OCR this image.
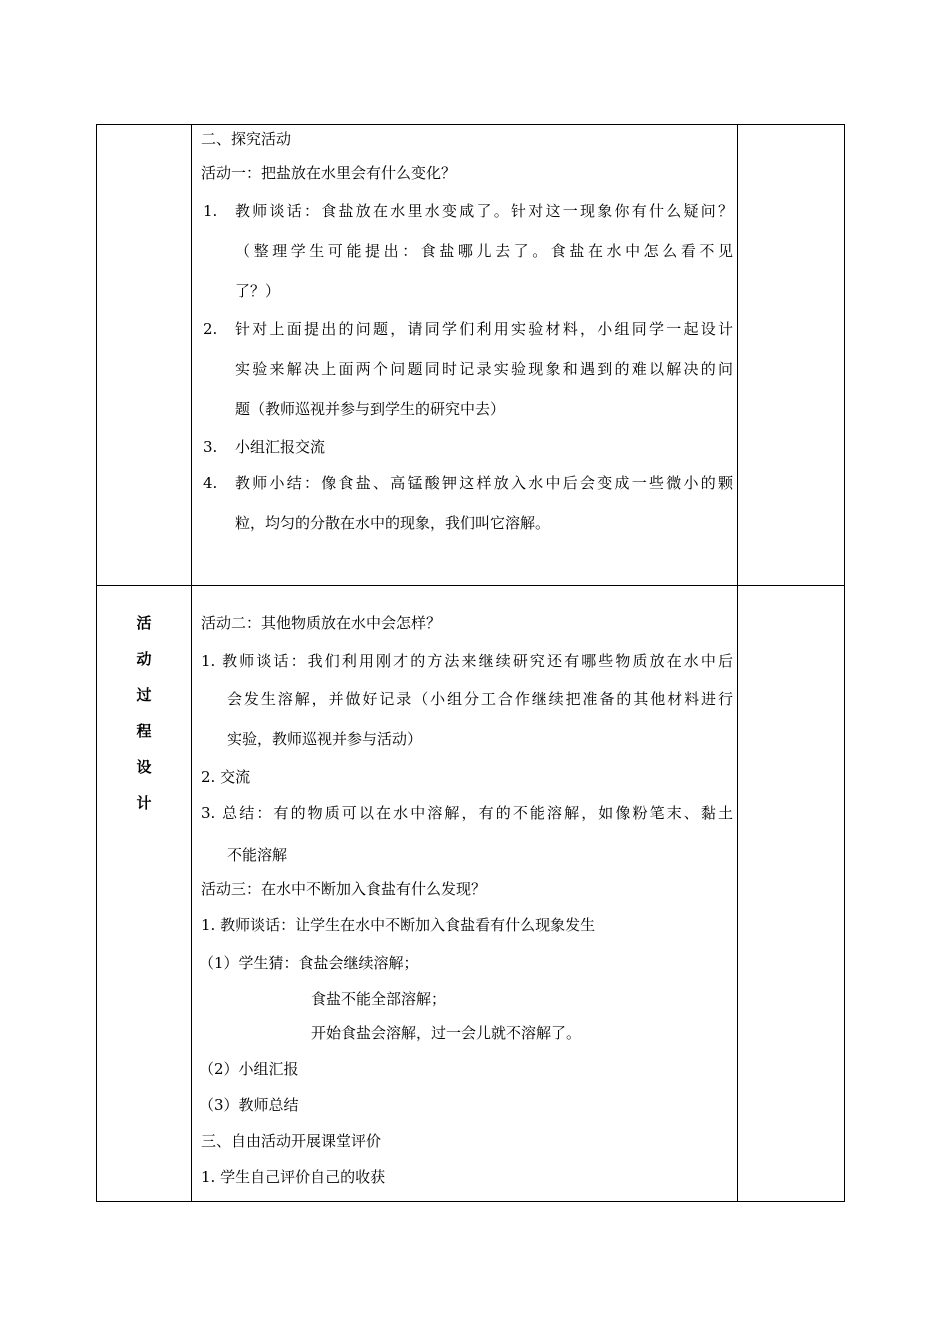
二、探究活动
活动一：把盐放在水里会有什么变化？
1. 教师谈话：食盐放在水里水变咸了。针对这一现象你有什么疑问？
（整理学生可能提出：食盐哪儿去了。食盐在水中怎么看不见
了？）
2. 针对上面提出的问题，请同学们利用实验材料，小组同学一起设计
实验来解决上面两个问题同时记录实验现象和遇到的难以解决的问
题（教师巡视并参与到学生的研究中去）
3. 小组汇报交流
4. 教师小结：像食盐、高锰酸钾这样放入水中后会变成一些微小的颗
粒，均匀的分散在水中的现象，我们叫它溶解。
活
动
过
程
设
计
活动二：其他物质放在水中会怎样？
1. 教师谈话：我们利用刚才的方法来继续研究还有哪些物质放在水中后
会发生溶解，并做好记录（小组分工合作继续把准备的其他材料进行
实验，教师巡视并参与活动）
2. 交流
3. 总结：有的物质可以在水中溶解，有的不能溶解，如像粉笔末、黏土
不能溶解
活动三：在水中不断加入食盐有什么发现？
1. 教师谈话：让学生在水中不断加入食盐看有什么现象发生
（1）学生猜：食盐会继续溶解；
食盐不能全部溶解；
开始食盐会溶解，过一会儿就不溶解了。
（2）小组汇报
（3）教师总结
三、自由活动开展课堂评价
1. 学生自己评价自己的收获
